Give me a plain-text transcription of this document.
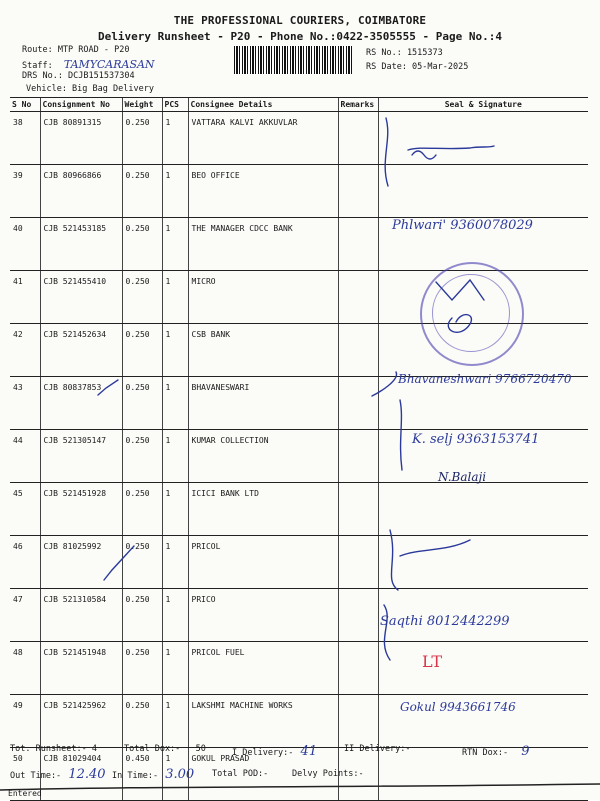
THE PROFESSIONAL COURIERS, COIMBATORE
Delivery Runsheet - P20 - Phone No.:0422-3505555 - Page No.:4
Route: MTP ROAD - P20
Staff: TAMYCARASAN
DRS No.: DCJB151537304
Vehicle: Big Bag Delivery
RS No.: 1515373
RS Date: 05-Mar-2025
S No	Consignment No	Weight	PCS	Consignee Details	Remarks	Seal & Signature
38	CJB 80891315	0.250	1	VATTARA KALVI AKKUVLAR		
39	CJB 80966866	0.250	1	BEO OFFICE		
40	CJB 521453185	0.250	1	THE MANAGER CDCC BANK		
41	CJB 521455410	0.250	1	MICRO		
42	CJB 521452634	0.250	1	CSB BANK		
43	CJB 80837853	0.250	1	BHAVANESWARI		
44	CJB 521305147	0.250	1	KUMAR COLLECTION		
45	CJB 521451928	0.250	1	ICICI BANK LTD		
46	CJB 81025992	0.250	1	PRICOL		
47	CJB 521310584	0.250	1	PRICO		
48	CJB 521451948	0.250	1	PRICOL FUEL		
49	CJB 521425962	0.250	1	LAKSHMI MACHINE WORKS		
50	CJB 81029404	0.450	1	GOKUL PRASAD		
Phlwari' 9360078029
Bhavaneshwari 9766720470
K. selj 9363153741
N.Balaji
Saqthi 8012442299
LT
Gokul 9943661746
Tot. Runsheet:- 4	Total Dox:-   50	I Delivery:- 41	II Delivery:-	RTN Dox:- 9
Out Time:- 12.40 In Time:- 3.00 Total POD:-	Delvy Points:-
Entered
